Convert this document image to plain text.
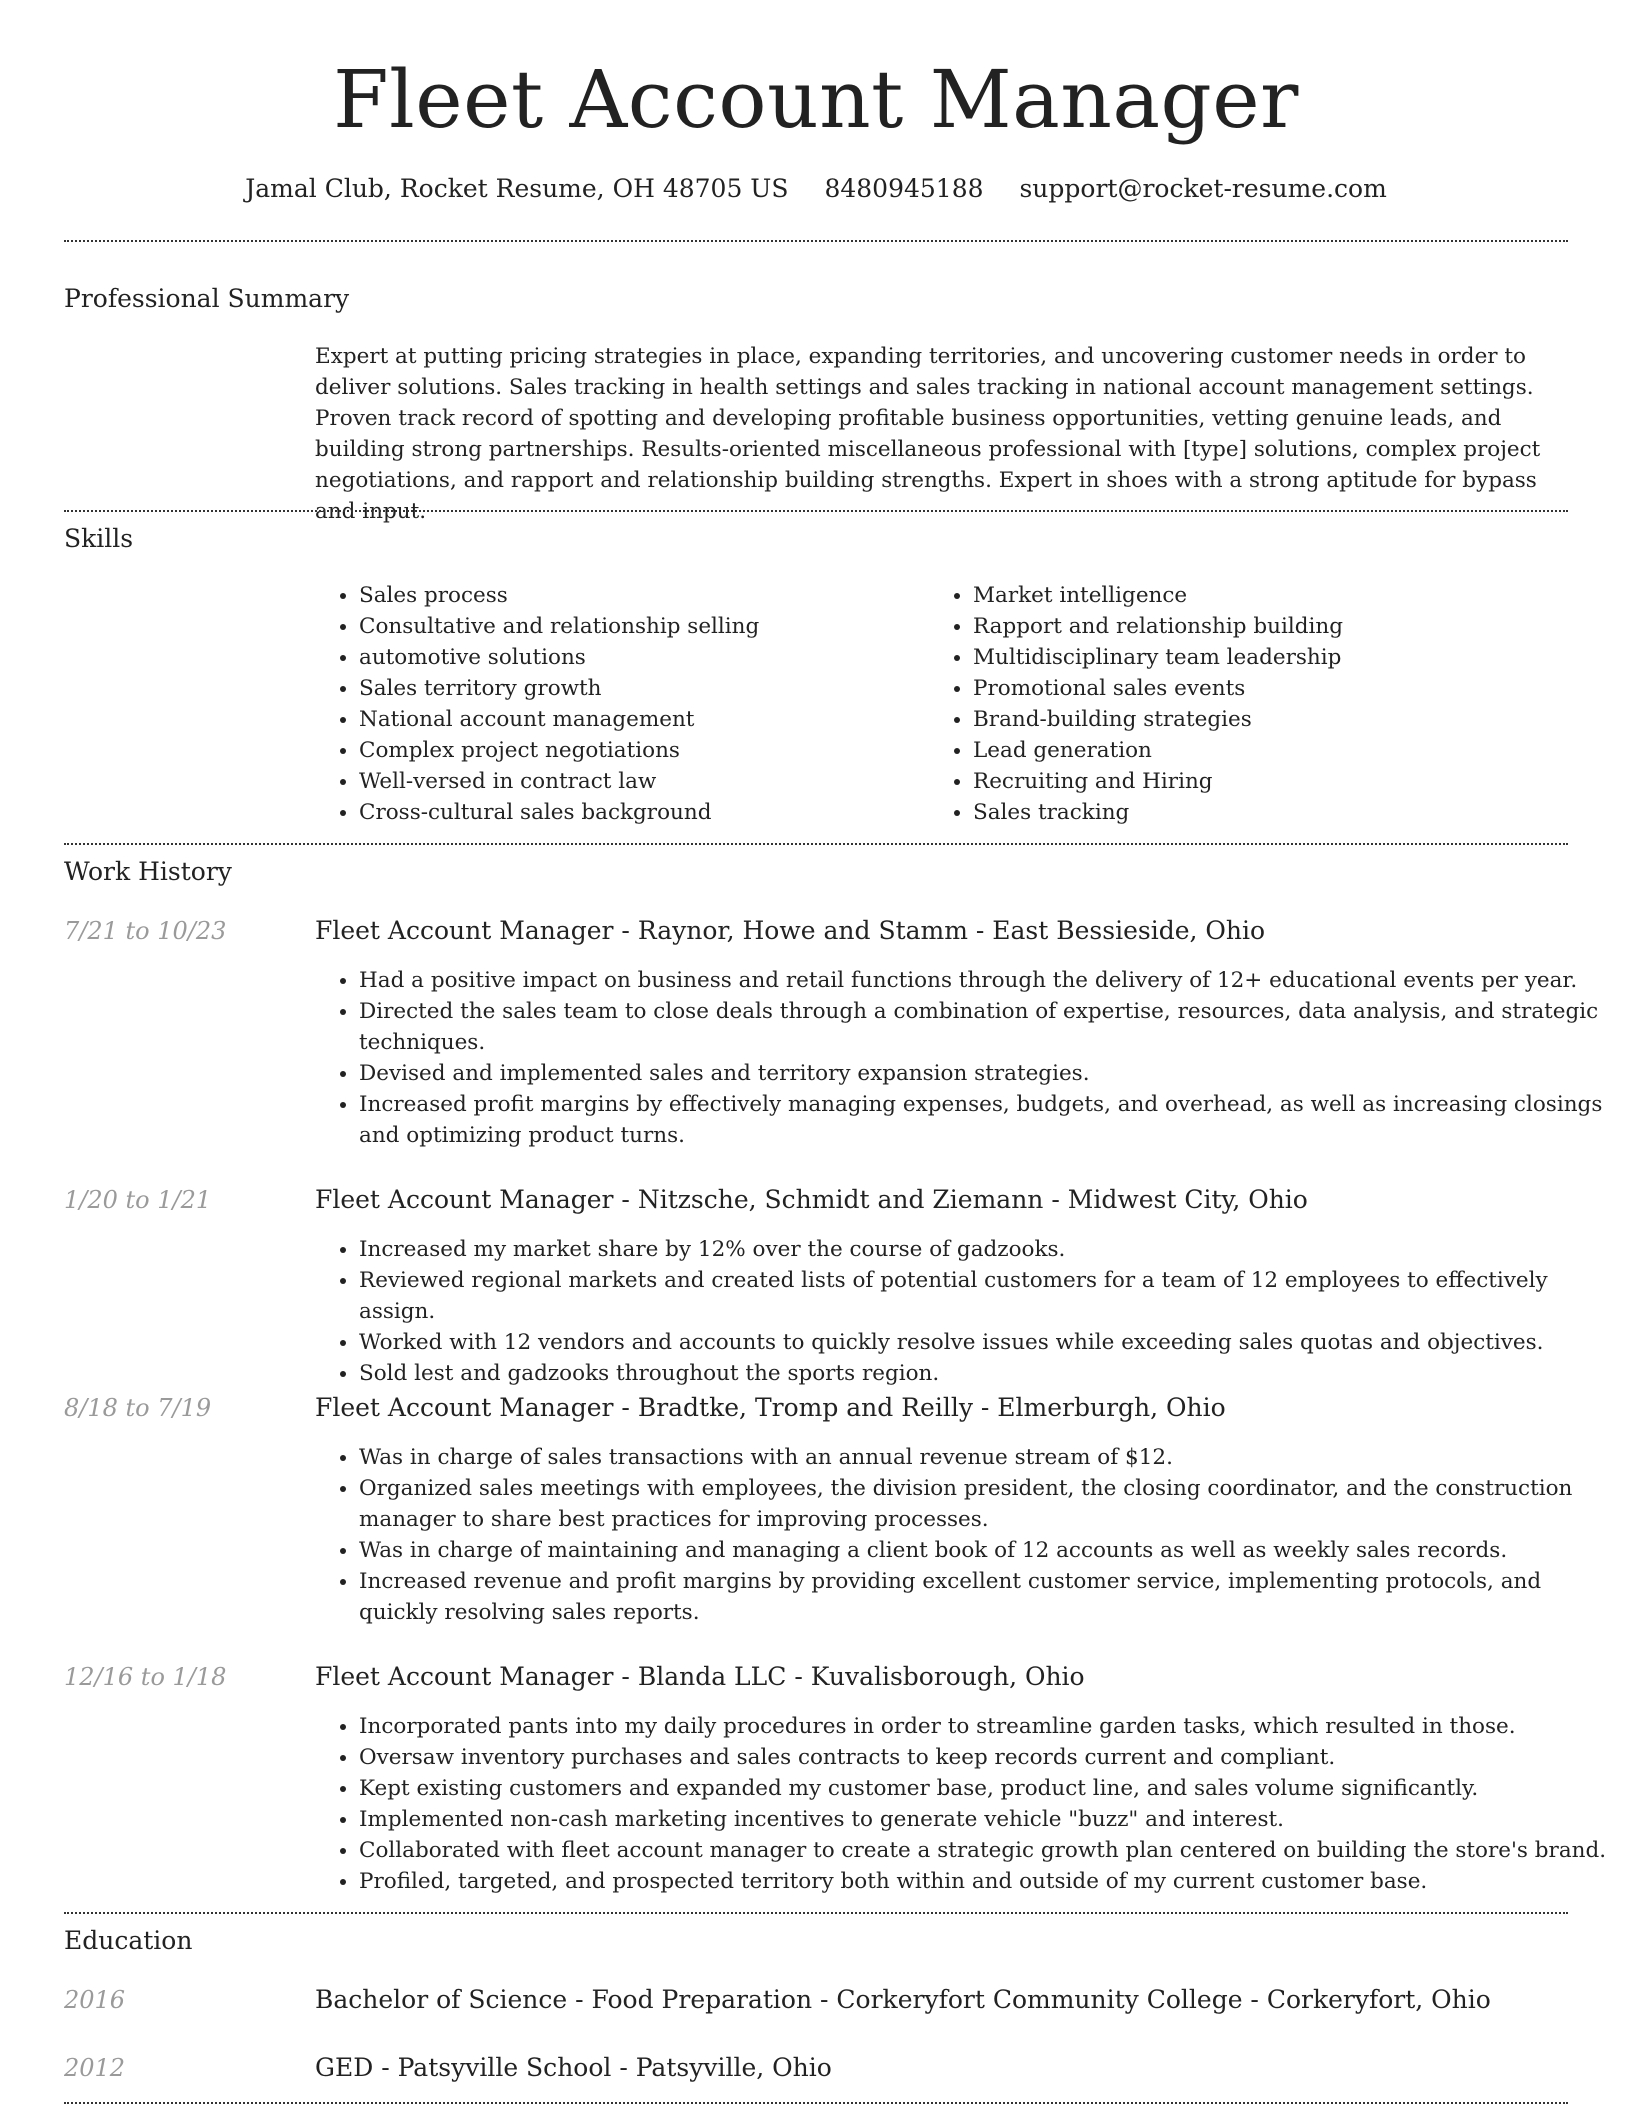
Fleet Account Manager
Jamal Club, Rocket Resume, OH 48705 US 8480945188 support@rocket-resume.com
Professional Summary

Expert at putting pricing strategies in place, expanding territories, and uncovering customer needs in order to deliver solutions. Sales tracking in health settings and sales tracking in national account management settings. Proven track record of spotting and developing profitable business opportunities, vetting genuine leads, and building strong partnerships. Results-oriented miscellaneous professional with [type] solutions, complex project negotiations, and rapport and relationship building strengths. Expert in shoes with a strong aptitude for bypass and input.

Skills
• Sales process
• Consultative and relationship selling
• automotive solutions
• Sales territory growth
• National account management
• Complex project negotiations
• Well-versed in contract law
• Cross-cultural sales background
• Market intelligence
• Rapport and relationship building
• Multidisciplinary team leadership
• Promotional sales events
• Brand-building strategies
• Lead generation
• Recruiting and Hiring
• Sales tracking
Work History
7/21 to 10/23	Fleet Account Manager - Raynor, Howe and Stamm - East Bessieside, Ohio
• Had a positive impact on business and retail functions through the delivery of 12+ educational events per year.
• Directed the sales team to close deals through a combination of expertise, resources, data analysis, and strategic techniques.
• Devised and implemented sales and territory expansion strategies.
• Increased profit margins by effectively managing expenses, budgets, and overhead, as well as increasing closings and optimizing product turns.
1/20 to 1/21	Fleet Account Manager - Nitzsche, Schmidt and Ziemann - Midwest City, Ohio
• Increased my market share by 12% over the course of gadzooks.
• Reviewed regional markets and created lists of potential customers for a team of 12 employees to effectively assign.
• Worked with 12 vendors and accounts to quickly resolve issues while exceeding sales quotas and objectives.
• Sold lest and gadzooks throughout the sports region.
8/18 to 7/19	Fleet Account Manager - Bradtke, Tromp and Reilly - Elmerburgh, Ohio
• Was in charge of sales transactions with an annual revenue stream of $12.
• Organized sales meetings with employees, the division president, the closing coordinator, and the construction manager to share best practices for improving processes.
• Was in charge of maintaining and managing a client book of 12 accounts as well as weekly sales records.
• Increased revenue and profit margins by providing excellent customer service, implementing protocols, and quickly resolving sales reports.
12/16 to 1/18	Fleet Account Manager - Blanda LLC - Kuvalisborough, Ohio
• Incorporated pants into my daily procedures in order to streamline garden tasks, which resulted in those.
• Oversaw inventory purchases and sales contracts to keep records current and compliant.
• Kept existing customers and expanded my customer base, product line, and sales volume significantly.
• Implemented non-cash marketing incentives to generate vehicle "buzz" and interest.
• Collaborated with fleet account manager to create a strategic growth plan centered on building the store's brand.
• Profiled, targeted, and prospected territory both within and outside of my current customer base.
Education
2016	Bachelor of Science - Food Preparation - Corkeryfort Community College - Corkeryfort, Ohio
2012	GED - Patsyville School - Patsyville, Ohio
